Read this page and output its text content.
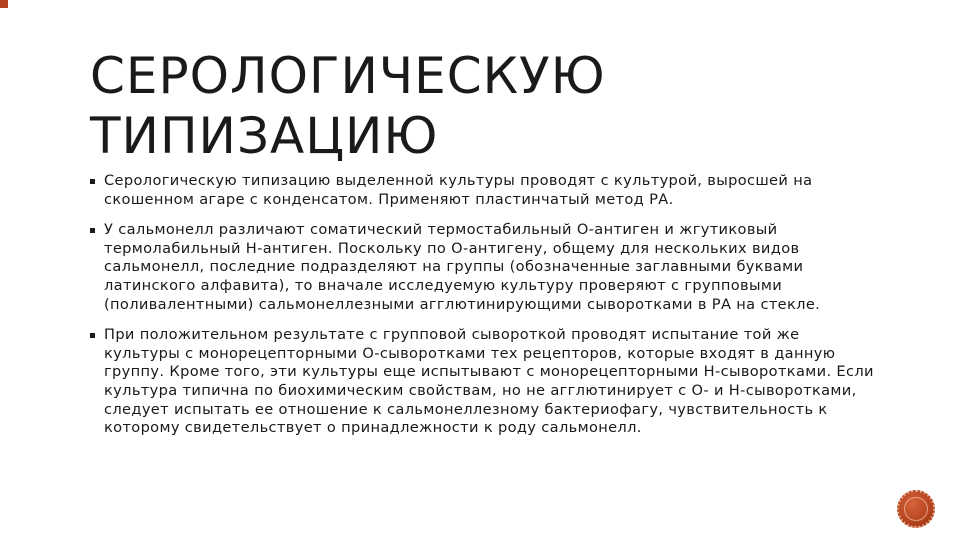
СЕРОЛОГИЧЕСКУЮ
ТИПИЗАЦИЮ
Серологическую типизацию выделенной культуры проводят с культурой, выросшей на скошенном агаре с конденсатом. Применяют пластинчатый метод РА.
У сальмонелл различают соматический термостабильный О-антиген и жгутиковый термолабильный Н-антиген. Поскольку по О-антигену, общему для нескольких видов сальмонелл, последние подразделяют на группы (обозначенные заглавными буквами латинского алфавита), то вначале исследуемую культуру проверяют с групповыми (поливалентными) сальмонеллезными агглютинирующими сыворотками в РА на стекле.
При положительном результате с групповой сывороткой проводят испытание той же культуры с монорецепторными О-сыворотками тех рецепторов, которые входят в данную группу. Кроме того, эти культуры еще испытывают с монорецепторными Н-сыворотками. Если культура типична по биохимическим свойствам, но не агглютинирует с О- и Н-сыворотками, следует испытать ее отношение к сальмонеллезному бактериофагу, чувствительность к которому свидетельствует о принадлежности к роду сальмонелл.
